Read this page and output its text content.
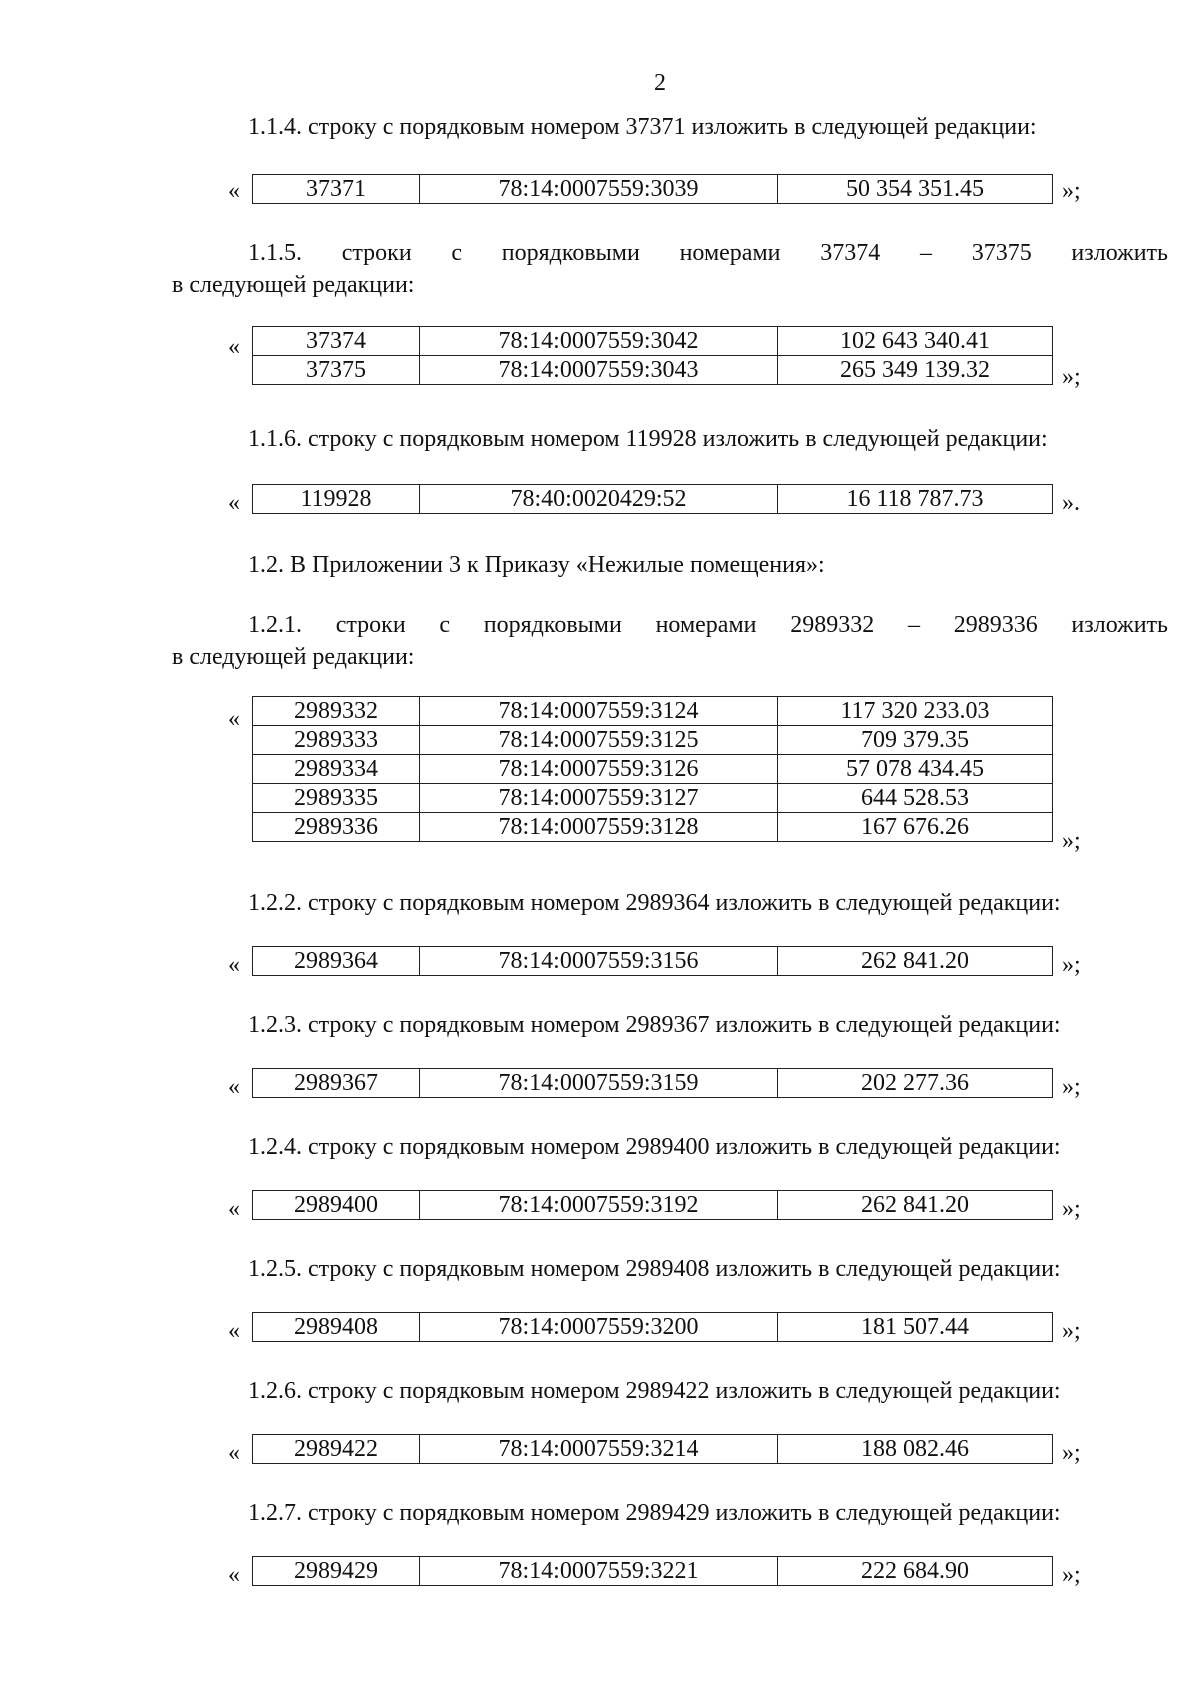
2
1.1.4. строку с порядковым номером 37371 изложить в следующей редакции:
«	37371	78:14:0007559:3039	50 354 351.45	»;
1.1.5. строки с порядковыми номерами 37374 – 37375 изложить
в следующей редакции:
«	37374	78:14:0007559:3042	102 643 340.41
37375	78:14:0007559:3043	265 349 139.32	»;
1.1.6. строку с порядковым номером 119928 изложить в следующей редакции:
«	119928	78:40:0020429:52	16 118 787.73	».
1.2. В Приложении 3 к Приказу «Нежилые помещения»:
1.2.1. строки с порядковыми номерами 2989332 – 2989336 изложить
в следующей редакции:
« 2989332	78:14:0007559:3124	117 320 233.03
2989333	78:14:0007559:3125	709 379.35
2989334	78:14:0007559:3126	57 078 434.45
2989335	78:14:0007559:3127	644 528.53
2989336	78:14:0007559:3128	167 676.26
»;
1.2.2. строку с порядковым номером 2989364 изложить в следующей редакции:
« 2989364	78:14:0007559:3156	262 841.20	»;
1.2.3. строку с порядковым номером 2989367 изложить в следующей редакции:
« 2989367	78:14:0007559:3159	202 277.36	»;
1.2.4. строку с порядковым номером 2989400 изложить в следующей редакции:
« 2989400	78:14:0007559:3192	262 841.20	»;
1.2.5. строку с порядковым номером 2989408 изложить в следующей редакции:
« 2989408	78:14:0007559:3200	181 507.44	»;
1.2.6. строку с порядковым номером 2989422 изложить в следующей редакции:
« 2989422	78:14:0007559:3214	188 082.46	»;
1.2.7. строку с порядковым номером 2989429 изложить в следующей редакции:
« 2989429	78:14:0007559:3221	222 684.90	»;
